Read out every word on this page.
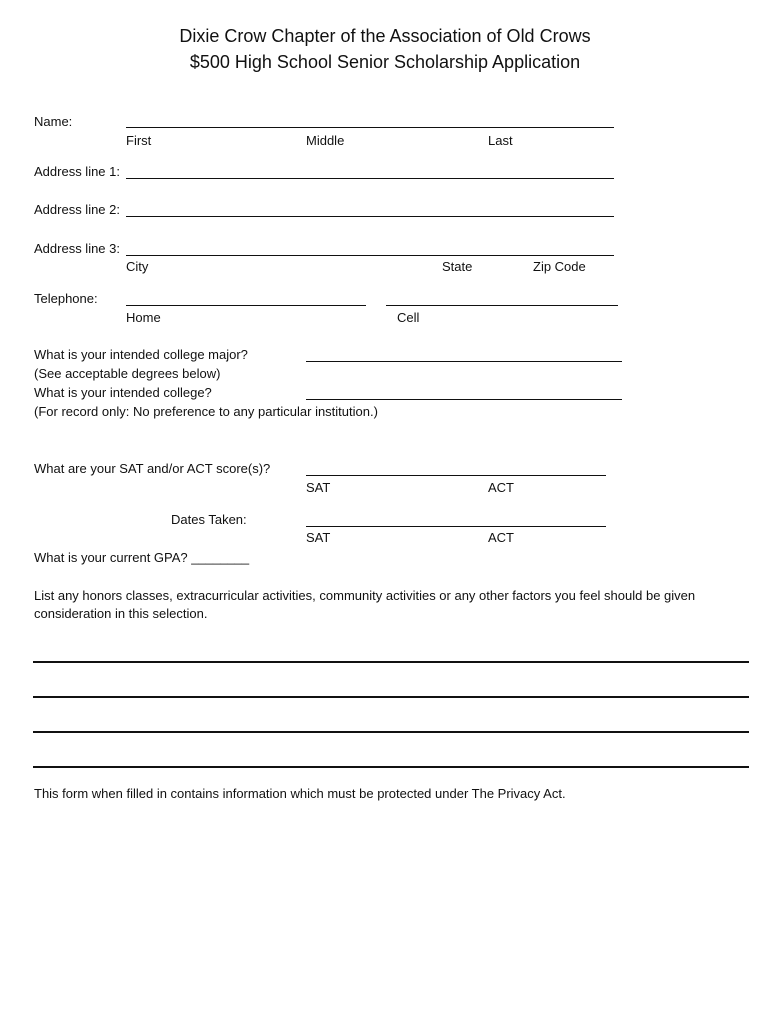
Dixie Crow Chapter of the Association of Old Crows
$500 High School Senior Scholarship Application
Name:
First	Middle	Last
Address line 1:
Address line 2:
Address line 3:
City	State	Zip Code
Telephone:
Home	Cell
What is your intended college major?
(See acceptable degrees below)
What is your intended college?
(For record only: No preference to any particular institution.)
What are your SAT and/or ACT score(s)?
SAT	ACT
Dates Taken:
SAT	ACT
What is your current GPA? ________
List any honors classes, extracurricular activities, community activities or any other factors you feel should be given
consideration in this selection.
This form when filled in contains information which must be protected under The Privacy Act.
